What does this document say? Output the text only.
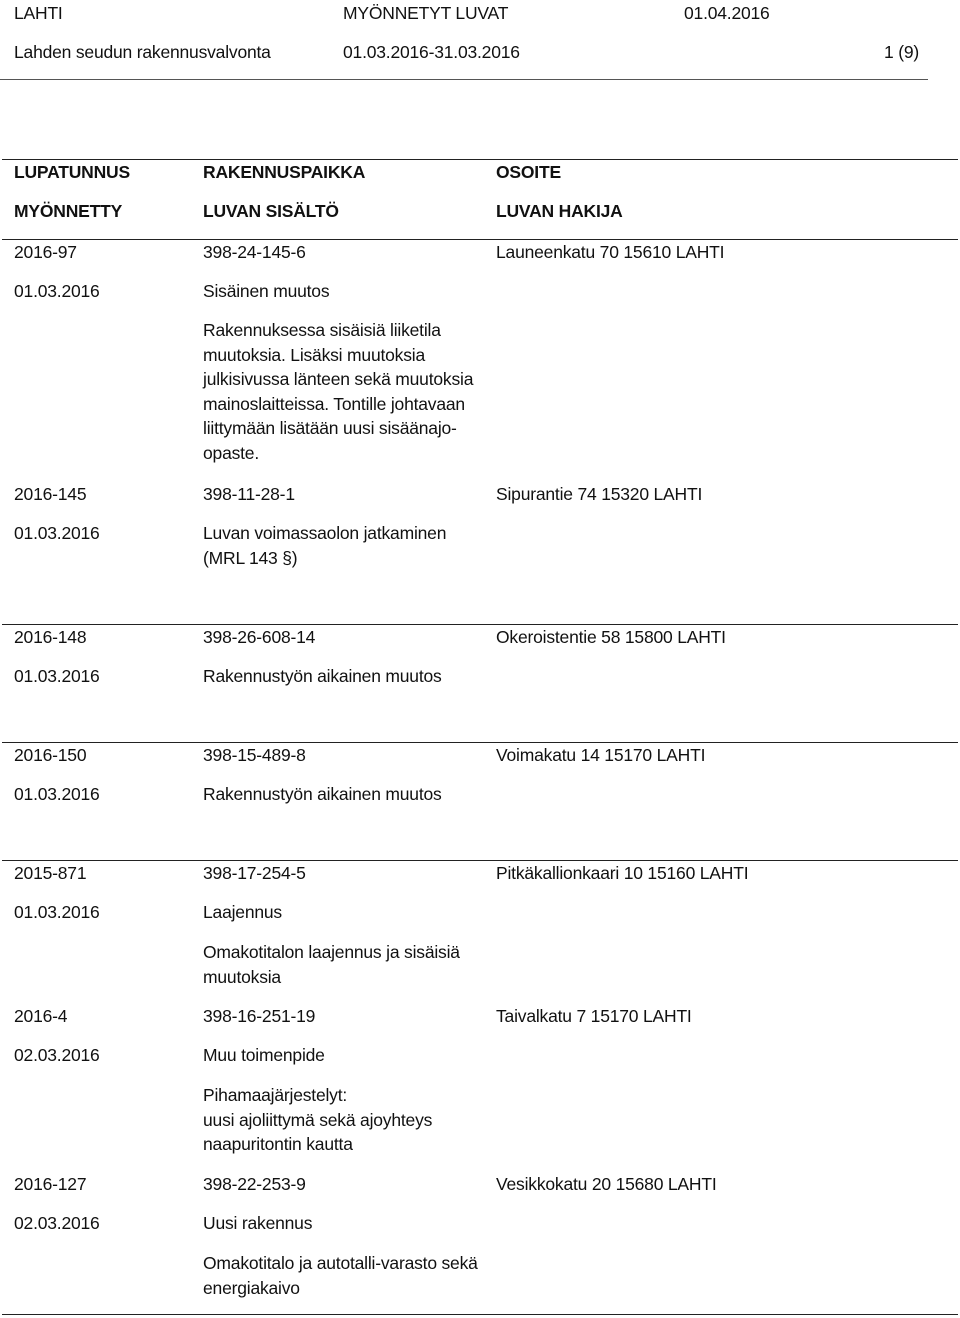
LAHTI	MYÖNNETYT LUVAT	01.04.2016
Lahden seudun rakennusvalvonta	01.03.2016-31.03.2016	1 (9)
LUPATUNNUS	RAKENNUSPAIKKA	OSOITE
MYÖNNETTY	LUVAN SISÄLTÖ	LUVAN HAKIJA
2016-97	398-24-145-6	Launeenkatu 70 15610 LAHTI
01.03.2016	Sisäinen muutos
Rakennuksessa sisäisiä liiketila
muutoksia. Lisäksi muutoksia
julkisivussa länteen sekä muutoksia
mainoslaitteissa. Tontille johtavaan
liittymään lisätään uusi sisäänajo-
opaste.
2016-145	398-11-28-1	Sipurantie 74 15320 LAHTI
01.03.2016	Luvan voimassaolon jatkaminen
(MRL 143 §)
2016-148	398-26-608-14	Okeroistentie 58 15800 LAHTI
01.03.2016	Rakennustyön aikainen muutos
2016-150	398-15-489-8	Voimakatu 14 15170 LAHTI
01.03.2016	Rakennustyön aikainen muutos
2015-871	398-17-254-5	Pitkäkallionkaari 10 15160 LAHTI
01.03.2016	Laajennus
Omakotitalon laajennus ja sisäisiä
muutoksia
2016-4	398-16-251-19	Taivalkatu 7 15170 LAHTI
02.03.2016	Muu toimenpide
Pihamaajärjestelyt:
uusi ajoliittymä sekä ajoyhteys
naapuritontin kautta
2016-127	398-22-253-9	Vesikkokatu 20 15680 LAHTI
02.03.2016	Uusi rakennus
Omakotitalo ja autotalli-varasto sekä
energiakaivo
